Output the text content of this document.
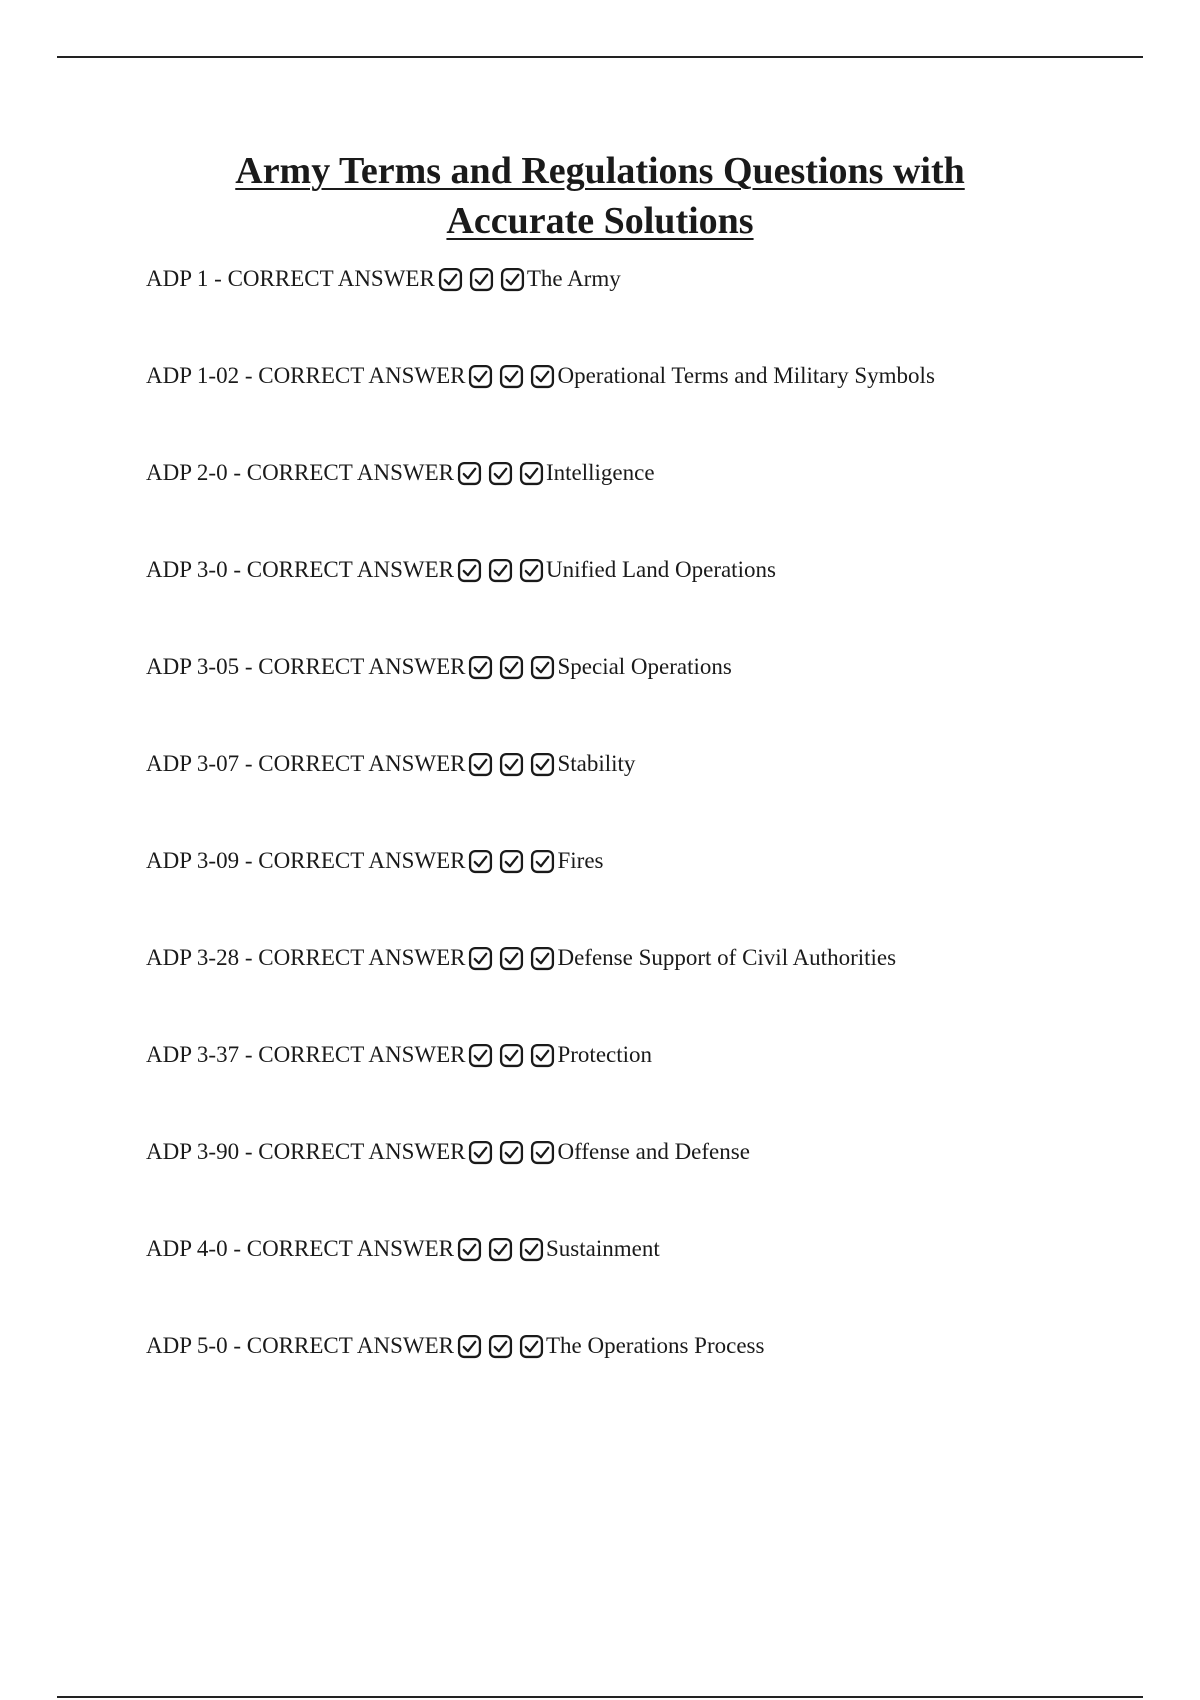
Army Terms and Regulations Questions with
Accurate Solutions
ADP 1 - CORRECT ANSWER	The Army
ADP 1-02 - CORRECT ANSWER	Operational Terms and Military Symbols
ADP 2-0 - CORRECT ANSWER	Intelligence
ADP 3-0 - CORRECT ANSWER	Unified Land Operations
ADP 3-05 - CORRECT ANSWER	Special Operations
ADP 3-07 - CORRECT ANSWER	Stability
ADP 3-09 - CORRECT ANSWER	Fires
ADP 3-28 - CORRECT ANSWER	Defense Support of Civil Authorities
ADP 3-37 - CORRECT ANSWER	Protection
ADP 3-90 - CORRECT ANSWER	Offense and Defense
ADP 4-0 - CORRECT ANSWER	Sustainment
ADP 5-0 - CORRECT ANSWER	The Operations Process
